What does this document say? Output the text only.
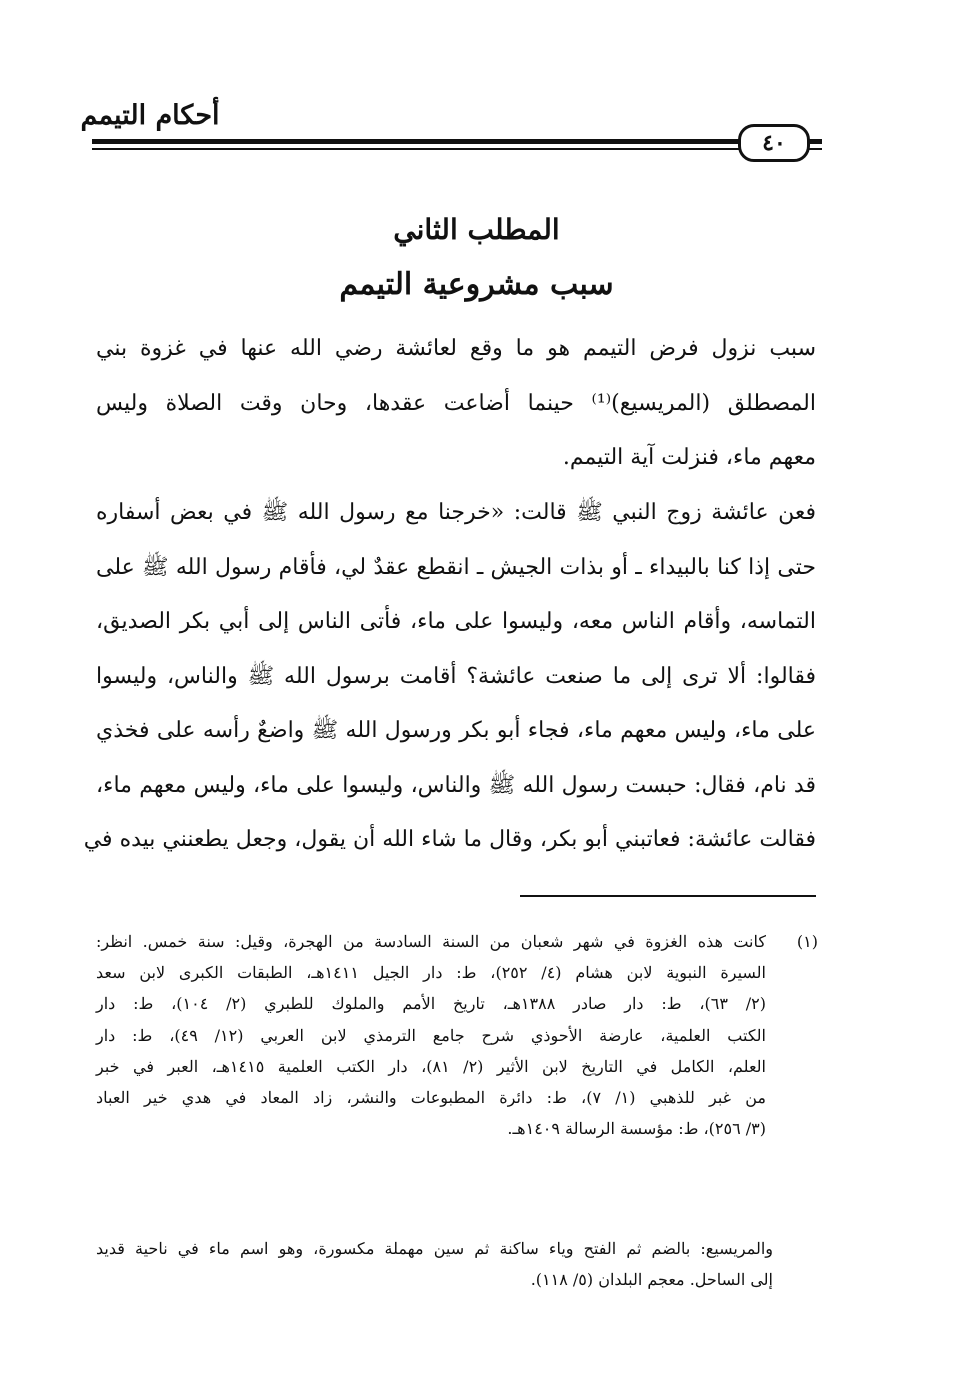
أحكام التيمم
٤٠
المطلب الثاني
سبب مشروعية التيمم
سبب نزول فرض التيمم هو ما وقع لعائشة رضي الله عنها في غزوة بني
المصطلق (المريسيع)⁽¹⁾ حينما أضاعت عقدها، وحان وقت الصلاة وليس
معهم ماء، فنزلت آية التيمم.
فعن عائشة زوج النبي ﷺ قالت: «خرجنا مع رسول الله ﷺ في بعض أسفاره
حتى إذا كنا بالبيداء ـ أو بذات الجيش ـ انقطع عقدٌ لي، فأقام رسول الله ﷺ على
التماسه، وأقام الناس معه، وليسوا على ماء، فأتى الناس إلى أبي بكر الصديق،
فقالوا: ألا ترى إلى ما صنعت عائشة؟ أقامت برسول الله ﷺ والناس، وليسوا
على ماء، وليس معهم ماء، فجاء أبو بكر ورسول الله ﷺ واضعٌ رأسه على فخذي
قد نام، فقال: حبست رسول الله ﷺ والناس، وليسوا على ماء، وليس معهم ماء،
فقالت عائشة: فعاتبني أبو بكر، وقال ما شاء الله أن يقول، وجعل يطعنني بيده في
(١)
كانت هذه الغزوة في شهر شعبان من السنة السادسة من الهجرة، وقيل: سنة خمس. انظر:
السيرة النبوية لابن هشام (٤/ ٢٥٢)، ط: دار الجيل ١٤١١هـ، الطبقات الكبرى لابن سعد
(٢/ ٦٣)، ط: دار صادر ١٣٨٨هـ، تاريخ الأمم والملوك للطبري (٢/ ١٠٤)، ط: دار
الكتب العلمية، عارضة الأحوذي شرح جامع الترمذي لابن العربي (١٢/ ٤٩)، ط: دار
العلم، الكامل في التاريخ لابن الأثير (٢/ ٨١)، دار الكتب العلمية ١٤١٥هـ، العبر في خبر
من غبر للذهبي (١/ ٧)، ط: دائرة المطبوعات والنشر، زاد المعاد في هدي خير العباد
(٣/ ٢٥٦)، ط: مؤسسة الرسالة ١٤٠٩هـ.
والمريسيع: بالضم ثم الفتح وياء ساكنة ثم سين مهملة مكسورة، وهو اسم ماء في ناحية قديد
إلى الساحل. معجم البلدان (٥/ ١١٨).
